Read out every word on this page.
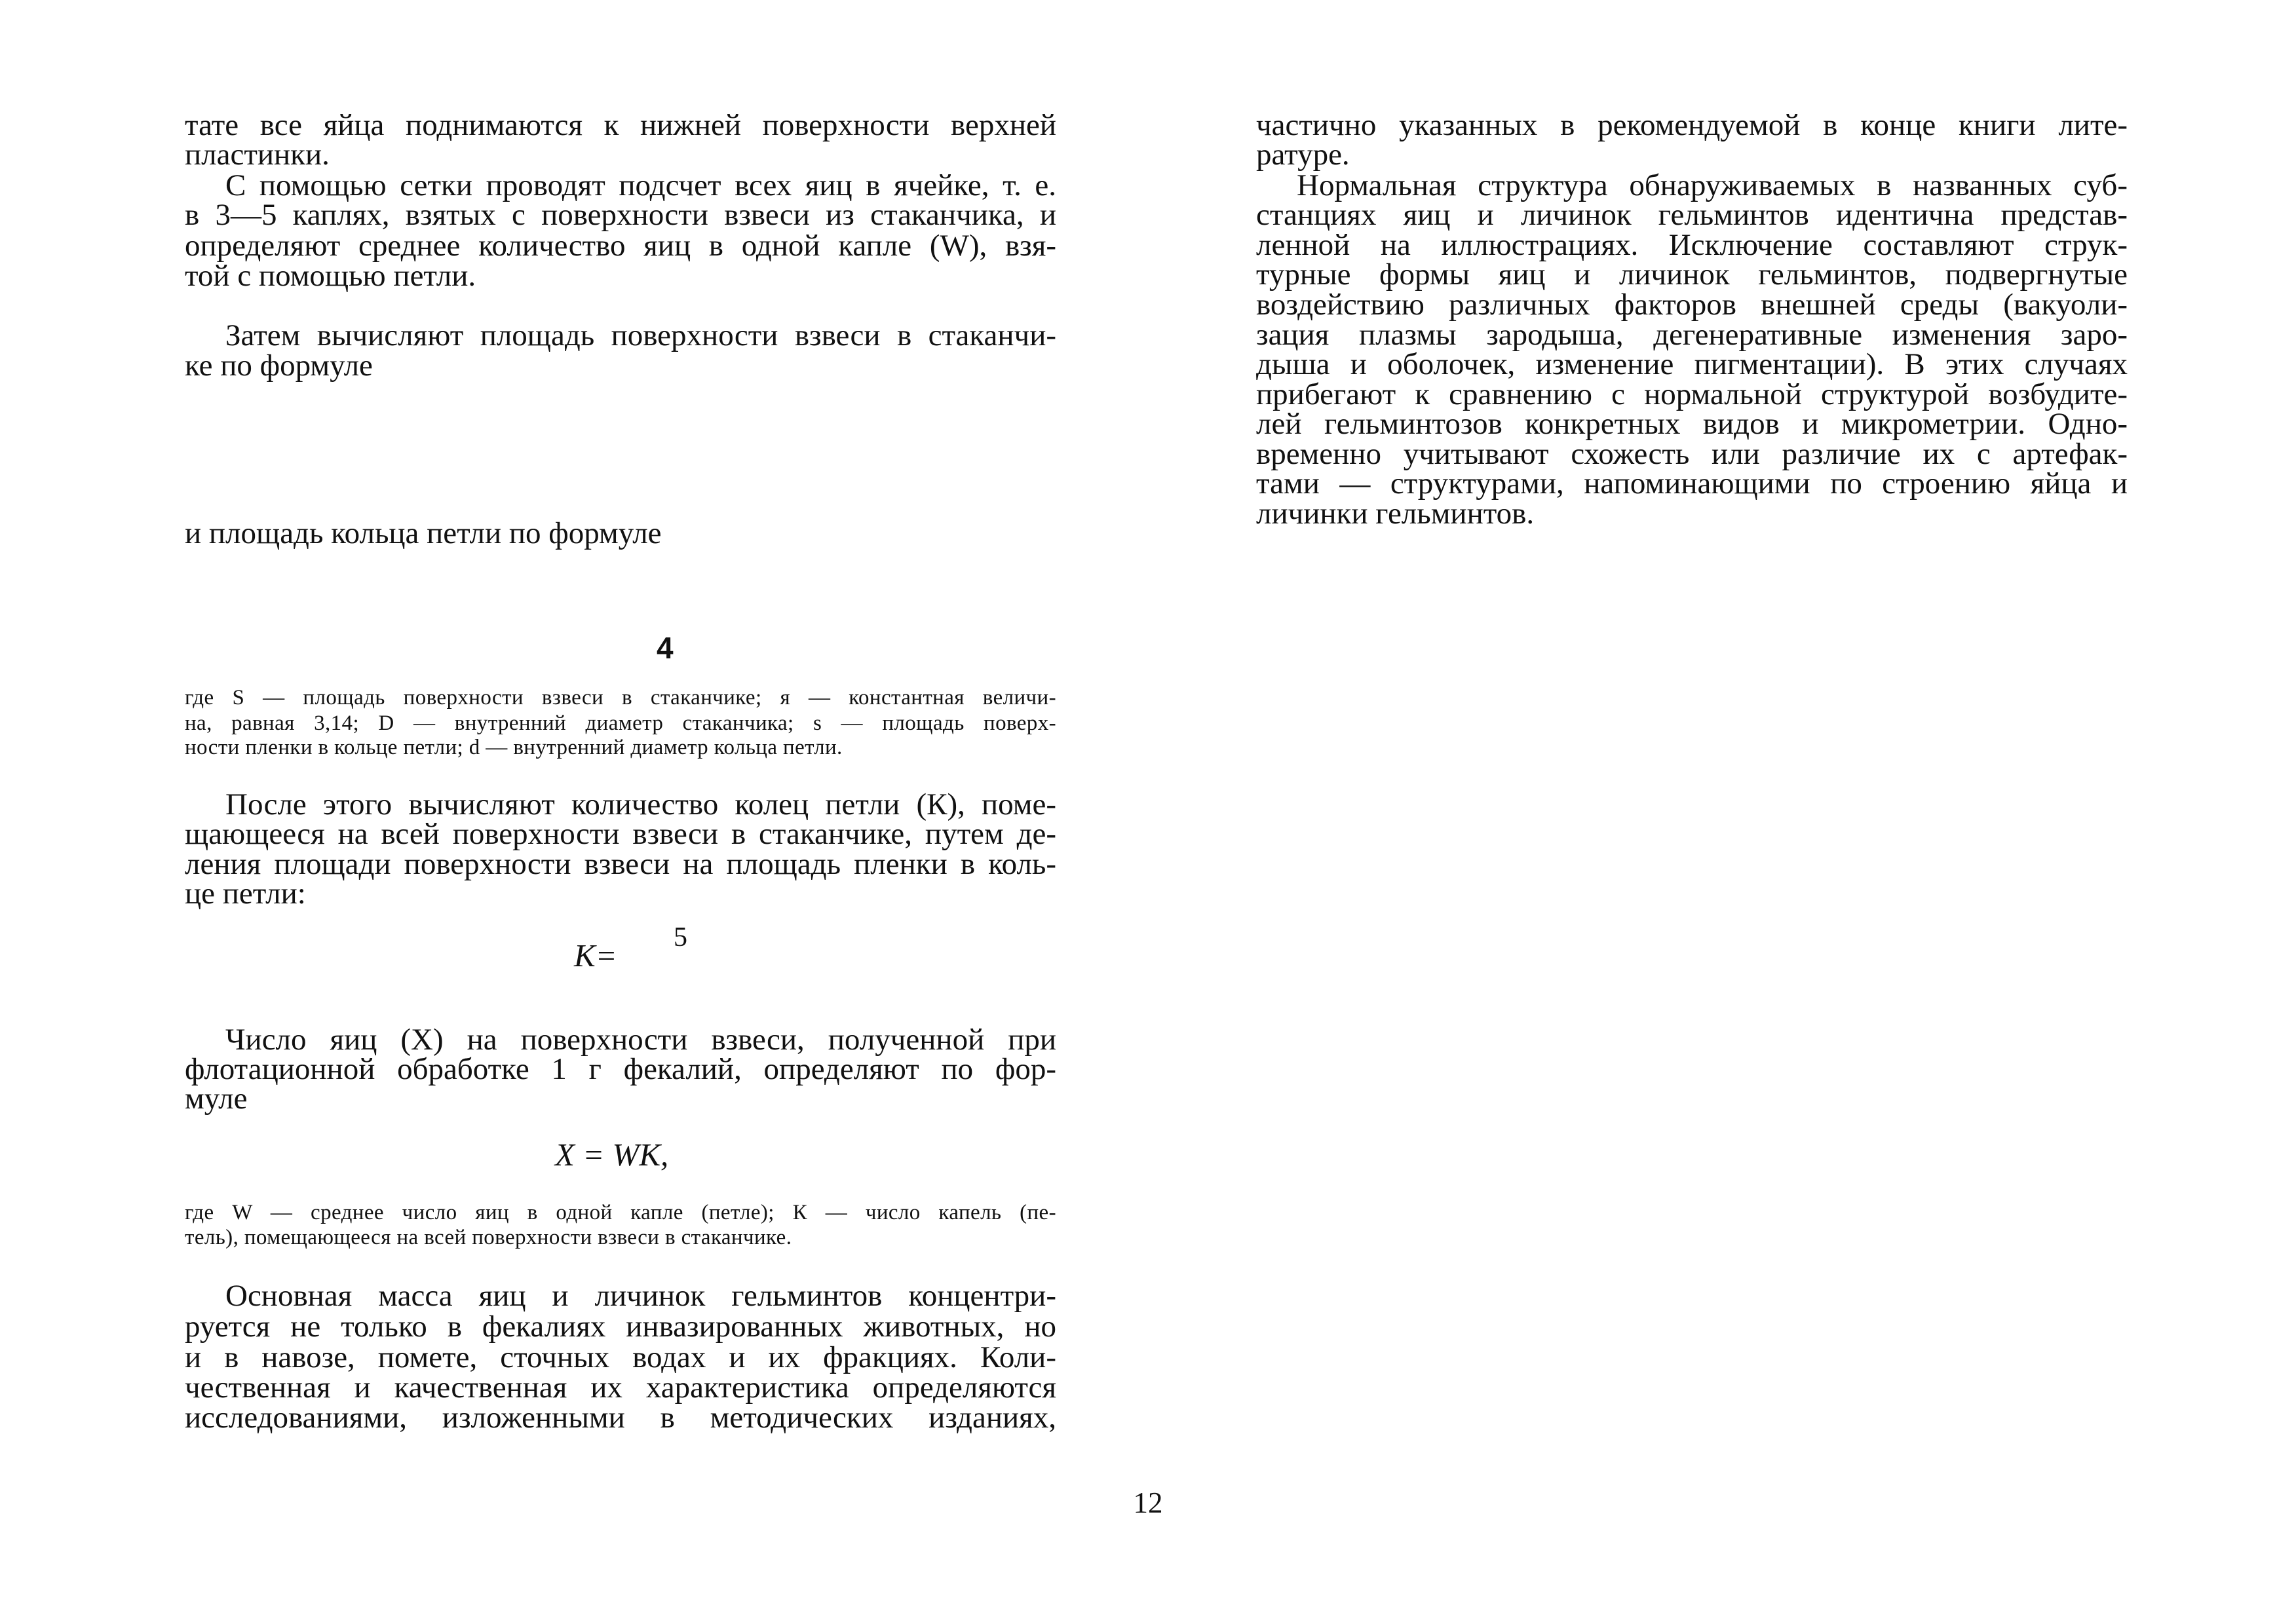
тате все яйца поднимаются к нижней поверхности верхней
пластинки.
С помощью сетки проводят подсчет всех яиц в ячейке, т. е.
в 3—5 каплях, взятых с поверхности взвеси из стаканчика, и
определяют среднее количество яиц в одной капле (W), взя-
той с помощью петли.
Затем вычисляют площадь поверхности взвеси в стаканчи-
ке по формуле
и площадь кольца петли по формуле
4
где S — площадь поверхности взвеси в стаканчике; я — константная величи-
на, равная 3,14; D — внутренний диаметр стаканчика; s — площадь поверх-
ности пленки в кольце петли; d — внутренний диаметр кольца петли.
После этого вычисляют количество колец петли (К), поме-
щающееся на всей поверхности взвеси в стаканчике, путем де-
ления площади поверхности взвеси на площадь пленки в коль-
це петли:
К= 5
Число яиц (X) на поверхности взвеси, полученной при
флотационной обработке 1 г фекалий, определяют по фор-
муле
X = WK,
где W — среднее число яиц в одной капле (петле); К — число капель (пе-
тель), помещающееся на всей поверхности взвеси в стаканчике.
Основная масса яиц и личинок гельминтов концентри-
руется не только в фекалиях инвазированных животных, но
и в навозе, помете, сточных водах и их фракциях. Коли-
чественная и качественная их характеристика определяются
исследованиями, изложенными в методических изданиях,
частично указанных в рекомендуемой в конце книги лите-
ратуре.
Нормальная структура обнаруживаемых в названных суб-
станциях яиц и личинок гельминтов идентична представ-
ленной на иллюстрациях. Исключение составляют струк-
турные формы яиц и личинок гельминтов, подвергнутые
воздействию различных факторов внешней среды (вакуоли-
зация плазмы зародыша, дегенеративные изменения заро-
дыша и оболочек, изменение пигментации). В этих случаях
прибегают к сравнению с нормальной структурой возбудите-
лей гельминтозов конкретных видов и микрометрии. Одно-
временно учитывают схожесть или различие их с артефак-
тами — структурами, напоминающими по строению яйца и
личинки гельминтов.
12
